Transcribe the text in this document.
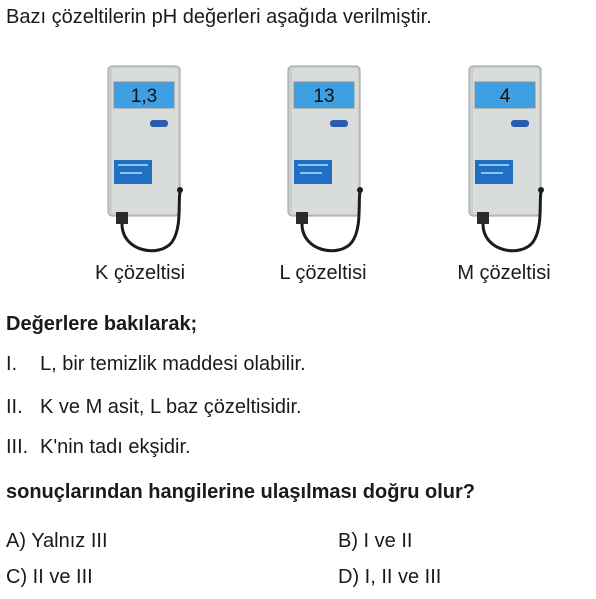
Bazı çözeltilerin pH değerleri aşağıda verilmiştir.
1,3
K çözeltisi
13
L çözeltisi
4
M çözeltisi
Değerlere bakılarak;
I. L, bir temizlik maddesi olabilir.
II. K ve M asit, L baz çözeltisidir.
III. K'nin tadı ekşidir.
sonuçlarından hangilerine ulaşılması doğru olur?
A) Yalnız III	B) I ve II
C) II ve III	D) I, II ve III
